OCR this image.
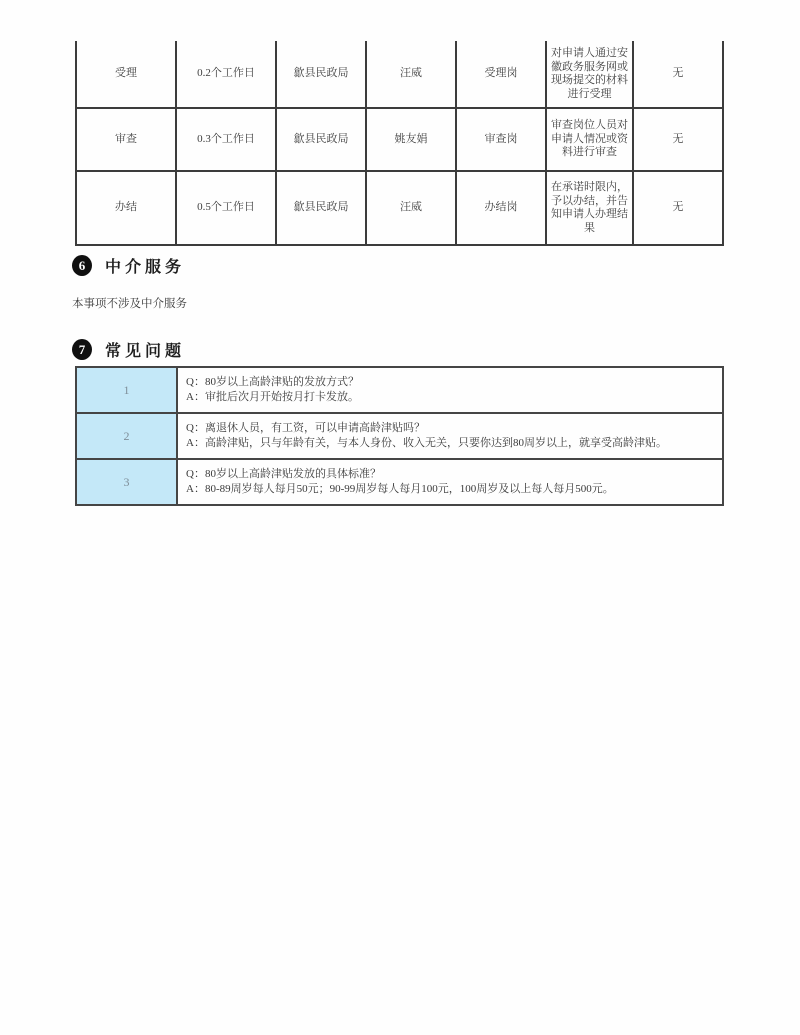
受理	0.2个工作日	歙县民政局	汪威	受理岗	对申请人通过安徽政务服务网或现场提交的材料进行受理	无
审查	0.3个工作日	歙县民政局	姚友娟	审查岗	审查岗位人员对申请人情况或资料进行审查	无
办结	0.5个工作日	歙县民政局	汪威	办结岗	在承诺时限内，予以办结，并告知申请人办理结果	无
6	中介服务
本事项不涉及中介服务
7	常见问题
1	Q：80岁以上高龄津贴的发放方式？
A：审批后次月开始按月打卡发放。

2	Q：离退休人员，有工资，可以申请高龄津贴吗？
A：高龄津贴，只与年龄有关，与本人身份、收入无关，只要你达到80周岁以上，就享受高龄津贴。

3	Q：80岁以上高龄津贴发放的具体标准？
A：80-89周岁每人每月50元；90-99周岁每人每月100元，100周岁及以上每人每月500元。
